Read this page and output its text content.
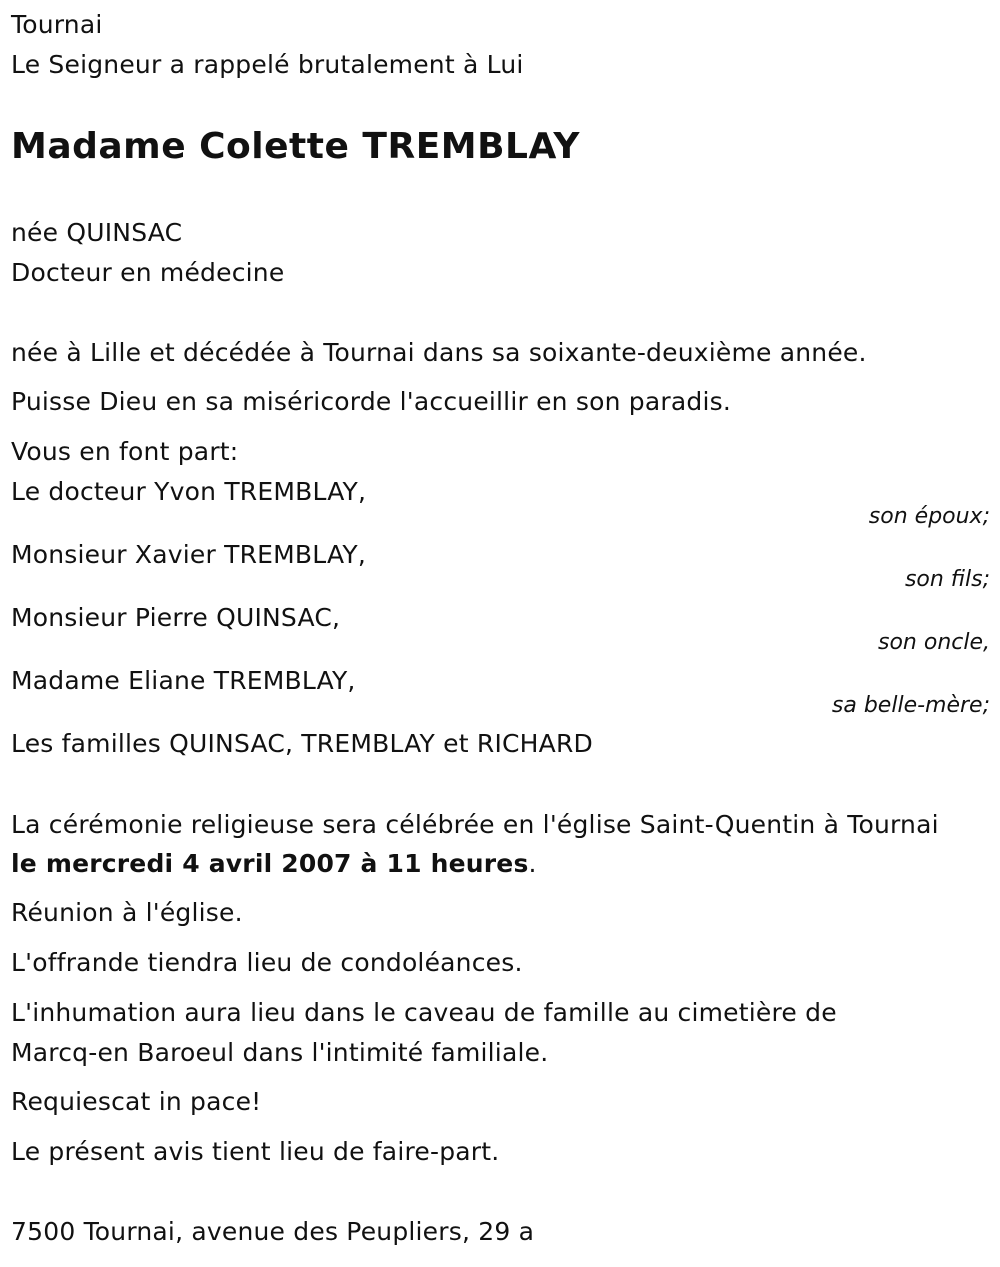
Tournai
Le Seigneur a rappelé brutalement à Lui
Madame Colette TREMBLAY
née QUINSAC
Docteur en médecine
née à Lille et décédée à Tournai dans sa soixante-deuxième année.
Puisse Dieu en sa miséricorde l'accueillir en son paradis.
Vous en font part:
Le docteur Yvon TREMBLAY,
son époux;
Monsieur Xavier TREMBLAY,
son fils;
Monsieur Pierre QUINSAC,
son oncle,
Madame Eliane TREMBLAY,
sa belle-mère;
Les familles QUINSAC, TREMBLAY et RICHARD
La cérémonie religieuse sera célébrée en l'église Saint-Quentin à Tournai
le mercredi 4 avril 2007 à 11 heures.
Réunion à l'église.
L'offrande tiendra lieu de condoléances.
L'inhumation aura lieu dans le caveau de famille au cimetière de
Marcq-en Baroeul dans l'intimité familiale.
Requiescat in pace!
Le présent avis tient lieu de faire-part.
7500 Tournai, avenue des Peupliers, 29 a
